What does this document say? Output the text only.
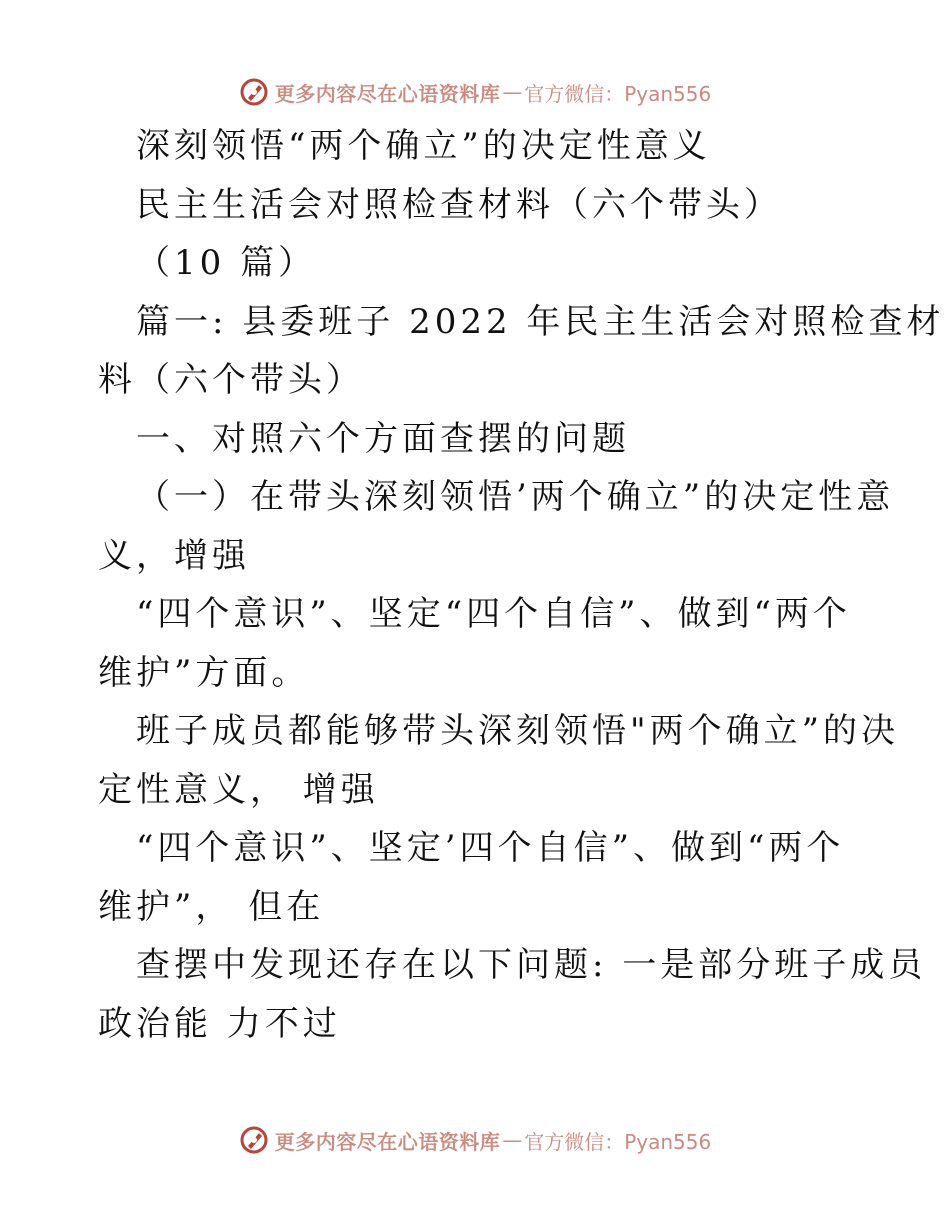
更多内容尽在心语资料库 — 官方微信：Pyan556
深刻领悟“两个确立”的决定性意义
民主生活会对照检查材料（六个带头）
（10 篇）
篇一: 县委班子 2022 年民主生活会对照检查材
料（六个带头）
一、对照六个方面查摆的问题
（一）在带头深刻领悟’两个确立”的决定性意
义，增强
“四个意识”、坚定“四个自信”、做到“两个
维护”方面。
班子成员都能够带头深刻领悟"两个确立”的决
定性意义， 增强
“四个意识”、坚定’四个自信”、做到“两个
维护”， 但在
查摆中发现还存在以下问题: 一是部分班子成员
政治能 力不过
更多内容尽在心语资料库 — 官方微信：Pyan556
